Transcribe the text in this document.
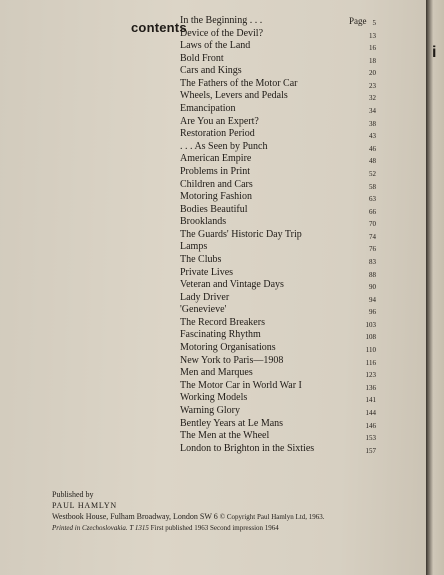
contents	Page
In the Beginning . . .	5
Device of the Devil?	13
Laws of the Land	16
Bold Front	18
Cars and Kings	20
The Fathers of the Motor Car	23
Wheels, Levers and Pedals	32
Emancipation	34
Are You an Expert?	38
Restoration Period	43
. . . As Seen by Punch	46
American Empire	48
Problems in Print	52
Children and Cars	58
Motoring Fashion	63
Bodies Beautiful	66
Brooklands	70
The Guards' Historic Day Trip	74
Lamps	76
The Clubs	83
Private Lives	88
Veteran and Vintage Days	90
Lady Driver	94
'Genevieve'	96
The Record Breakers	103
Fascinating Rhythm	108
Motoring Organisations	110
New York to Paris—1908	116
Men and Marques	123
The Motor Car in World War I	136
Working Models	141
Warning Glory	144
Bentley Years at Le Mans	146
The Men at the Wheel	153
London to Brighton in the Sixties	157
Published by
PAUL HAMLYN
Westbook House, Fulham Broadway, London SW 6 © Copyright Paul Hamlyn Ltd, 1963.
Printed in Czechoslovakia. T 1315 First published 1963 Second impression 1964
i
